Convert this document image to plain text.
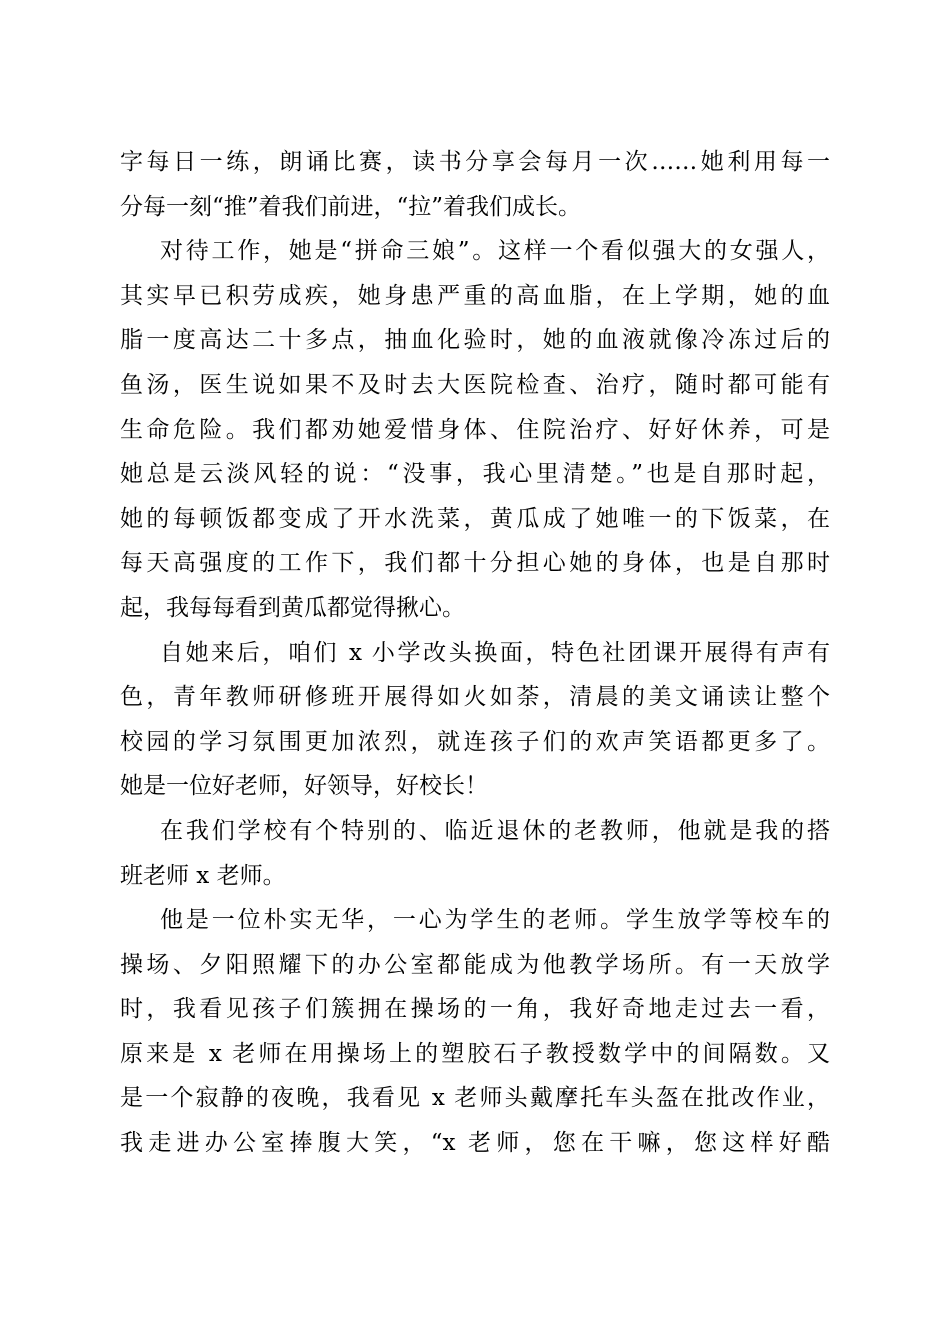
字每日一练，朗诵比赛，读书分享会每月一次……她利用每一
分每一刻“推”着我们前进，“拉”着我们成长。
对待工作，她是“拼命三娘”。这样一个看似强大的女强人，
其实早已积劳成疾，她身患严重的高血脂，在上学期，她的血
脂一度高达二十多点，抽血化验时，她的血液就像冷冻过后的
鱼汤，医生说如果不及时去大医院检查、治疗，随时都可能有
生命危险。我们都劝她爱惜身体、住院治疗、好好休养，可是
她总是云淡风轻的说：“没事，我心里清楚。”也是自那时起，
她的每顿饭都变成了开水洗菜，黄瓜成了她唯一的下饭菜，在
每天高强度的工作下，我们都十分担心她的身体，也是自那时
起，我每每看到黄瓜都觉得揪心。
自她来后，咱们 x 小学改头换面，特色社团课开展得有声有
色，青年教师研修班开展得如火如荼，清晨的美文诵读让整个
校园的学习氛围更加浓烈，就连孩子们的欢声笑语都更多了。
她是一位好老师，好领导，好校长！
在我们学校有个特别的、临近退休的老教师，他就是我的搭
班老师 x 老师。
他是一位朴实无华，一心为学生的老师。学生放学等校车的
操场、夕阳照耀下的办公室都能成为他教学场所。有一天放学
时，我看见孩子们簇拥在操场的一角，我好奇地走过去一看，
原来是 x 老师在用操场上的塑胶石子教授数学中的间隔数。又
是一个寂静的夜晚，我看见 x 老师头戴摩托车头盔在批改作业，
我走进办公室捧腹大笑，“x 老师，您在干嘛，您这样好酷
